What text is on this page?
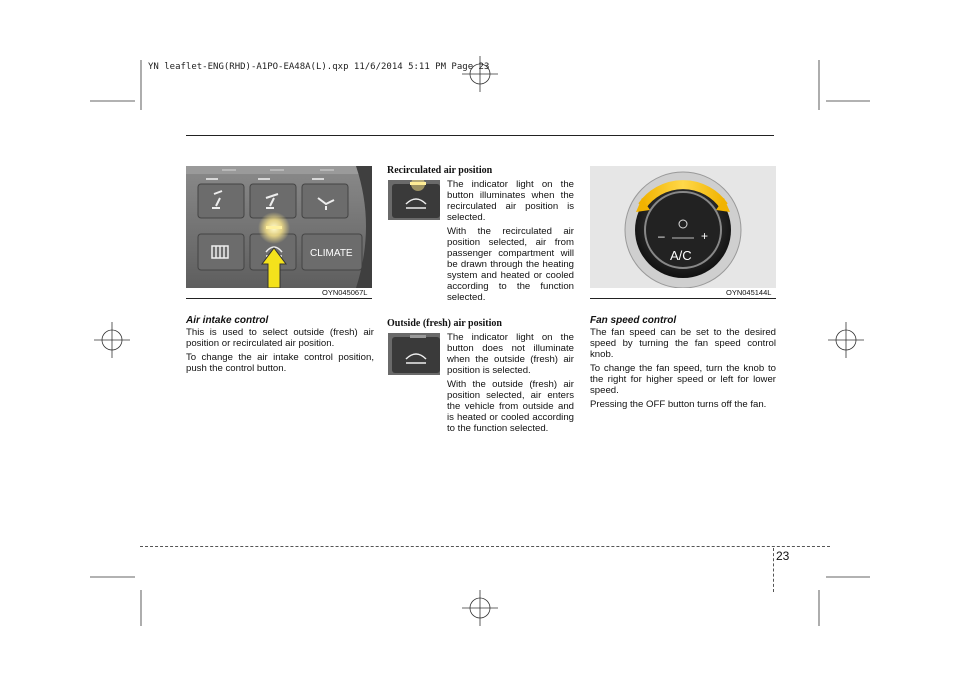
YN leaflet-ENG(RHD)-A1PO-EA48A(L).qxp 11/6/2014 5:11 PM Page 23
CLIMATE
OYN045067L
Air intake control

This is used to select outside (fresh) air position or recirculated air position.

To change the air intake control position, push the control button.

Recirculated air position

The indicator light on the button illuminates when the recirculated air position is selected.

With the recirculated air position selected, air from passenger compartment will be drawn through the heating system and heated or cooled according to the function selected.

Outside (fresh) air position

The indicator light on the button does not illuminate when the outside (fresh) air position is selected.

With the outside (fresh) air position selected, air enters the vehicle from outside and is heated or cooled according to the function selected.

–	+
A/C
OYN045144L
Fan speed control

The fan speed can be set to the desired speed by turning the fan speed control knob.

To change the fan speed, turn the knob to the right for higher speed or left for lower speed.

Pressing the OFF button turns off the fan.

23
